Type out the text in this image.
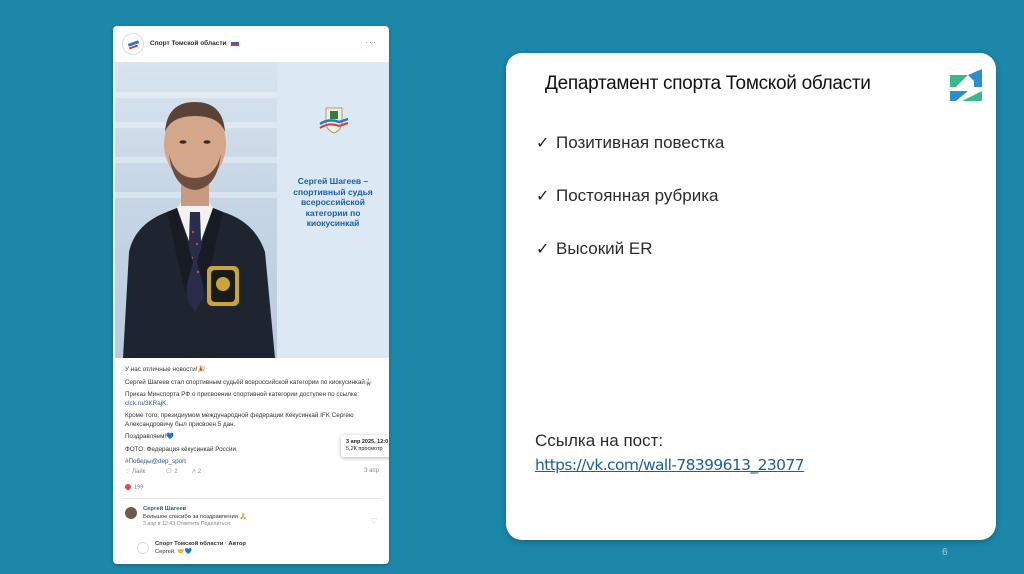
Спорт Томской области	···
Сергей Шагеев – спортивный судья всероссийской категории по киокусинкай

У нас отличные новости!🎉

Сергей Шагеев стал спортивным судьёй всероссийской категории по киокусинкай🥋

Приказ Минспорта РФ о присвоении спортивной категории доступен по ссылке: clck.ru/3KRajK.

Кроме того, президиумом международной федерации Кёкусинкай IFK Сергею Александровичу был присвоен 5 дан.

Поздравляем!💙

ФОТО: Федерация кёкусинкай России.

#Победы@dep_sport

3 апр 2025, 12:0
5,2К просмотр
♡ Лайк	💬︎ 2 ↗ 2	3 апр
199
Сергей Шагеев
Большое спасибо за поздравления 🙏
3 апр в 12:43 Ответить Поделиться	♡
Спорт Томской области · Автор
Сергей, 🤝💙
Департамент спорта Томской области
✓ Позитивная повестка
✓ Постоянная рубрика
✓ Высокий ER
Ссылка на пост:
https://vk.com/wall-78399613_23077
6
